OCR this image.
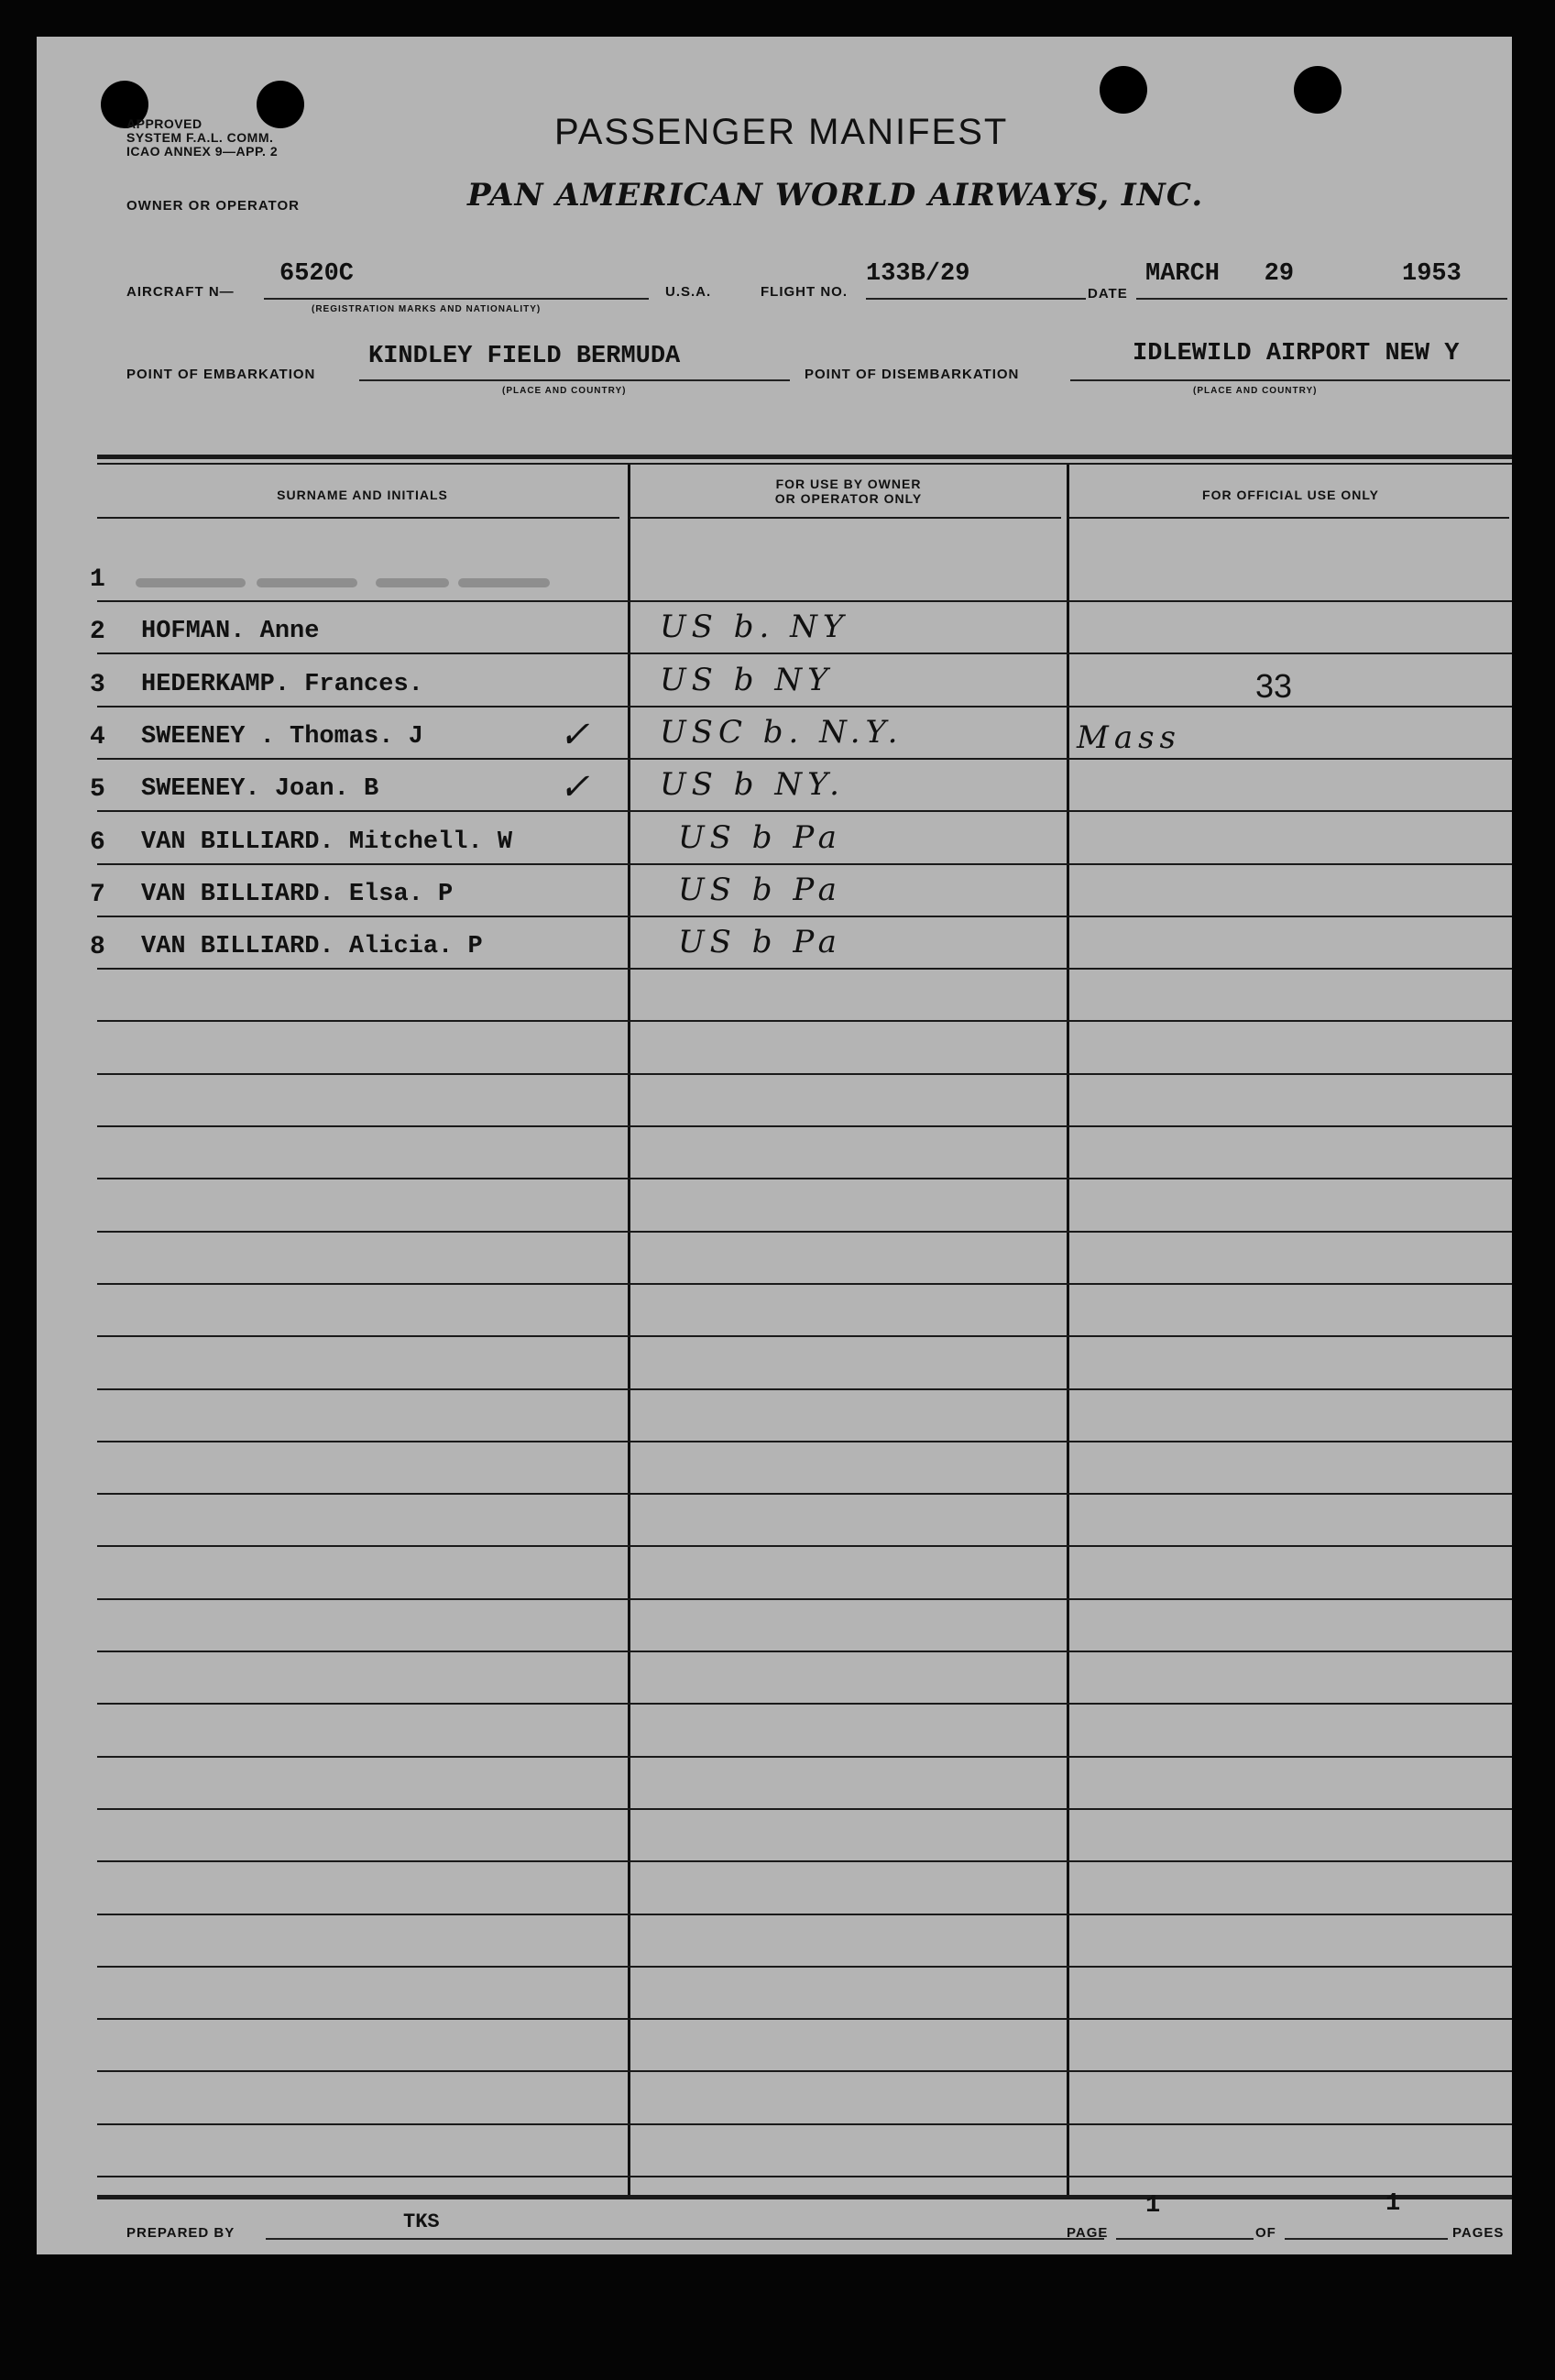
APPROVED
SYSTEM F.A.L. COMM.
ICAO ANNEX 9—APP. 2	PASSENGER MANIFEST
OWNER OR OPERATOR	PAN AMERICAN WORLD AIRWAYS, INC.
AIRCRAFT N—
6520C
(REGISTRATION MARKS AND NATIONALITY)
U.S.A.	FLIGHT NO.
133B/29
DATE
MARCH   29	1953
POINT OF EMBARKATION
KINDLEY FIELD BERMUDA
(PLACE AND COUNTRY)
POINT OF DISEMBARKATION
IDLEWILD AIRPORT NEW Y
(PLACE AND COUNTRY)
SURNAME AND INITIALS
FOR USE BY OWNER
OR OPERATOR ONLY	FOR OFFICIAL USE ONLY
1
2 HOFMAN. Anne	US b. NY
3 HEDERKAMP. Frances.	US b NY	33
4 SWEENEY . Thomas. J	✓ USC b. N.Y.	Mass
5 SWEENEY. Joan. B	✓ US b NY.
6 VAN BILLIARD. Mitchell. W	US b Pa
7 VAN BILLIARD. Elsa. P	US b Pa
8 VAN BILLIARD. Alicia. P	US b Pa
PREPARED BY	TKS	PAGE
1
OF
1
PAGES
